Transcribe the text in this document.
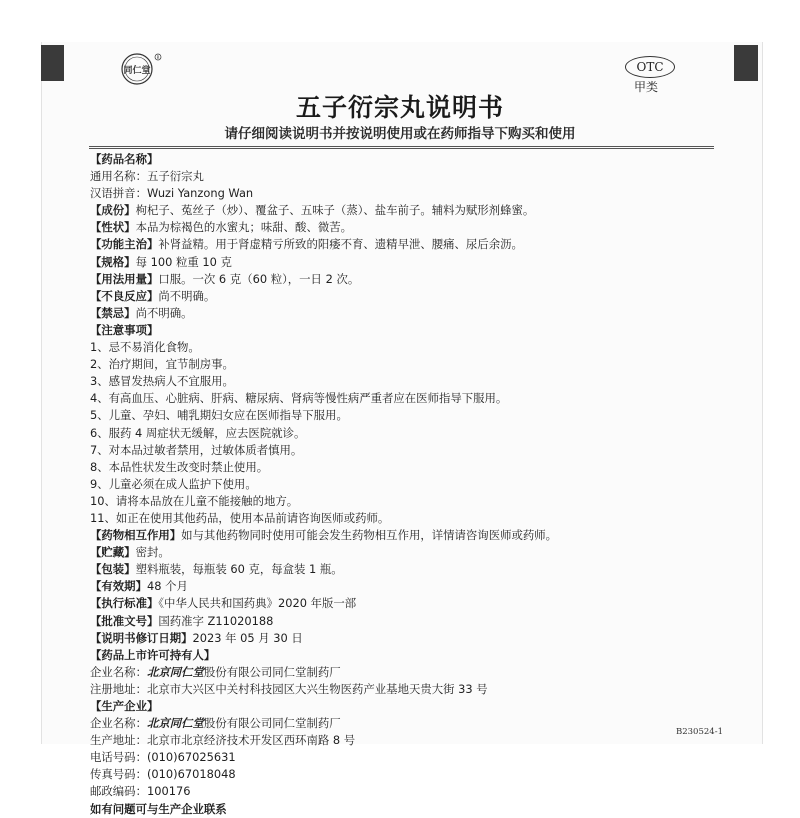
同仁堂
R
OTC
甲类
五子衍宗丸说明书
请仔细阅读说明书并按说明使用或在药师指导下购买和使用
【药品名称】
通用名称：五子衍宗丸
汉语拼音：Wuzi Yanzong Wan
【成份】枸杞子、菟丝子（炒）、覆盆子、五味子（蒸）、盐车前子。辅料为赋形剂蜂蜜。
【性状】本品为棕褐色的水蜜丸；味甜、酸、微苦。
【功能主治】补肾益精。用于肾虚精亏所致的阳痿不育、遗精早泄、腰痛、尿后余沥。
【规格】每 100 粒重 10 克
【用法用量】口服。一次 6 克（60 粒），一日 2 次。
【不良反应】尚不明确。
【禁忌】尚不明确。
【注意事项】
1、忌不易消化食物。
2、治疗期间，宜节制房事。
3、感冒发热病人不宜服用。
4、有高血压、心脏病、肝病、糖尿病、肾病等慢性病严重者应在医师指导下服用。
5、儿童、孕妇、哺乳期妇女应在医师指导下服用。
6、服药 4 周症状无缓解，应去医院就诊。
7、对本品过敏者禁用，过敏体质者慎用。
8、本品性状发生改变时禁止使用。
9、儿童必须在成人监护下使用。
10、请将本品放在儿童不能接触的地方。
11、如正在使用其他药品，使用本品前请咨询医师或药师。
【药物相互作用】如与其他药物同时使用可能会发生药物相互作用，详情请咨询医师或药师。
【贮藏】密封。
【包装】塑料瓶装，每瓶装 60 克，每盒装 1 瓶。
【有效期】48 个月
【执行标准】《中华人民共和国药典》2020 年版一部
【批准文号】国药准字 Z11020188
【说明书修订日期】2023 年 05 月 30 日
【药品上市许可持有人】
企业名称：北京同仁堂股份有限公司同仁堂制药厂
注册地址：北京市大兴区中关村科技园区大兴生物医药产业基地天贵大街 33 号
【生产企业】
企业名称：北京同仁堂股份有限公司同仁堂制药厂
生产地址：北京市北京经济技术开发区西环南路 8 号
电话号码：(010)67025631
传真号码：(010)67018048
邮政编码：100176
如有问题可与生产企业联系
B230524-1
